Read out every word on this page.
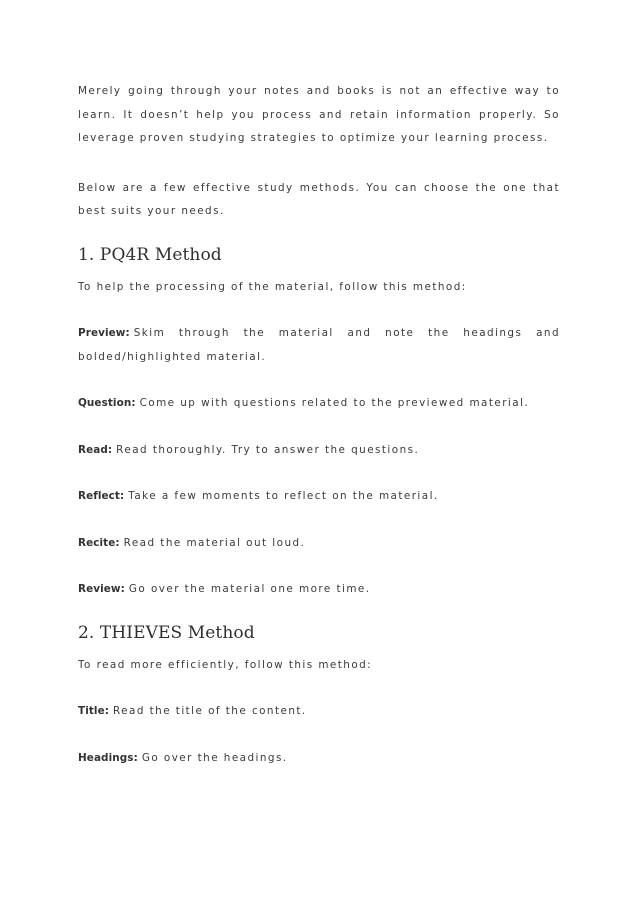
Merely going through your notes and books is not an effective way to learn. It doesn’t help you process and retain information properly. So leverage proven studying strategies to optimize your learning process.

Below are a few effective study methods. You can choose the one that best suits your needs.

1. PQ4R Method

To help the processing of the material, follow this method:

Preview: Skim through the material and note the headings and bolded/highlighted material.

Question: Come up with questions related to the previewed material.

Read: Read thoroughly. Try to answer the questions.

Reflect: Take a few moments to reflect on the material.

Recite: Read the material out loud.

Review: Go over the material one more time.

2. THIEVES Method

To read more efficiently, follow this method:

Title: Read the title of the content.

Headings: Go over the headings.
